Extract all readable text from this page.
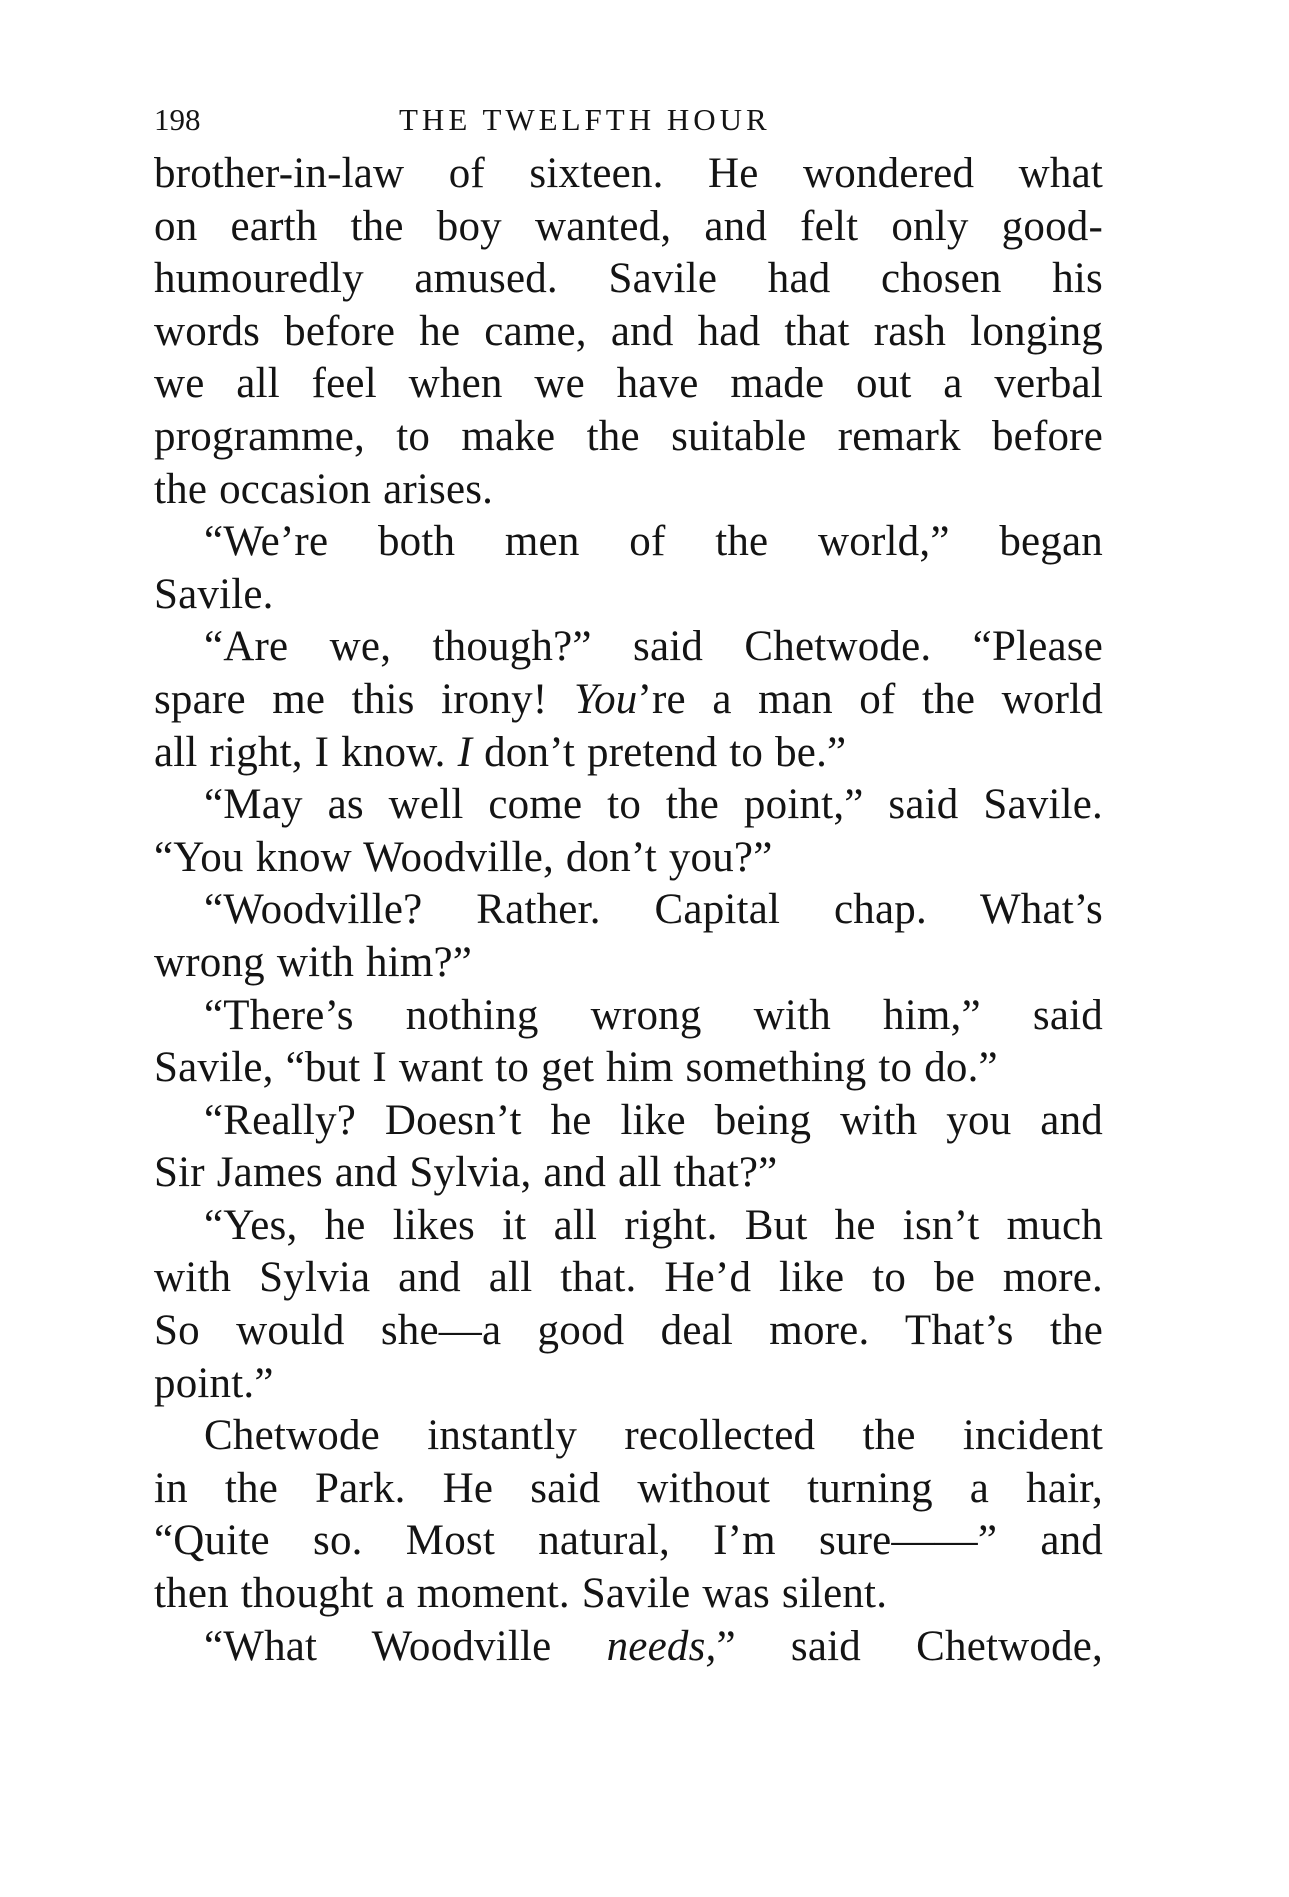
198	THE TWELFTH HOUR

brother-in-law of sixteen. He wondered what
on earth the boy wanted, and felt only good-
humouredly amused. Savile had chosen his
words before he came, and had that rash longing
we all feel when we have made out a verbal
programme, to make the suitable remark before
the occasion arises.

“We’re both men of the world,” began
Savile.

“Are we, though?” said Chetwode. “Please
spare me this irony! You’re a man of the world
all right, I know. I don’t pretend to be.”

“May as well come to the point,” said Savile.
“You know Woodville, don’t you?”

“Woodville? Rather. Capital chap. What’s
wrong with him?”

“There’s nothing wrong with him,” said
Savile, “but I want to get him something to do.”

“Really? Doesn’t he like being with you and
Sir James and Sylvia, and all that?”

“Yes, he likes it all right. But he isn’t much
with Sylvia and all that. He’d like to be more.
So would she—a good deal more. That’s the
point.”

Chetwode instantly recollected the incident
in the Park. He said without turning a hair,
“Quite so. Most natural, I’m sure——” and
then thought a moment. Savile was silent.

“What Woodville needs,” said Chetwode,
